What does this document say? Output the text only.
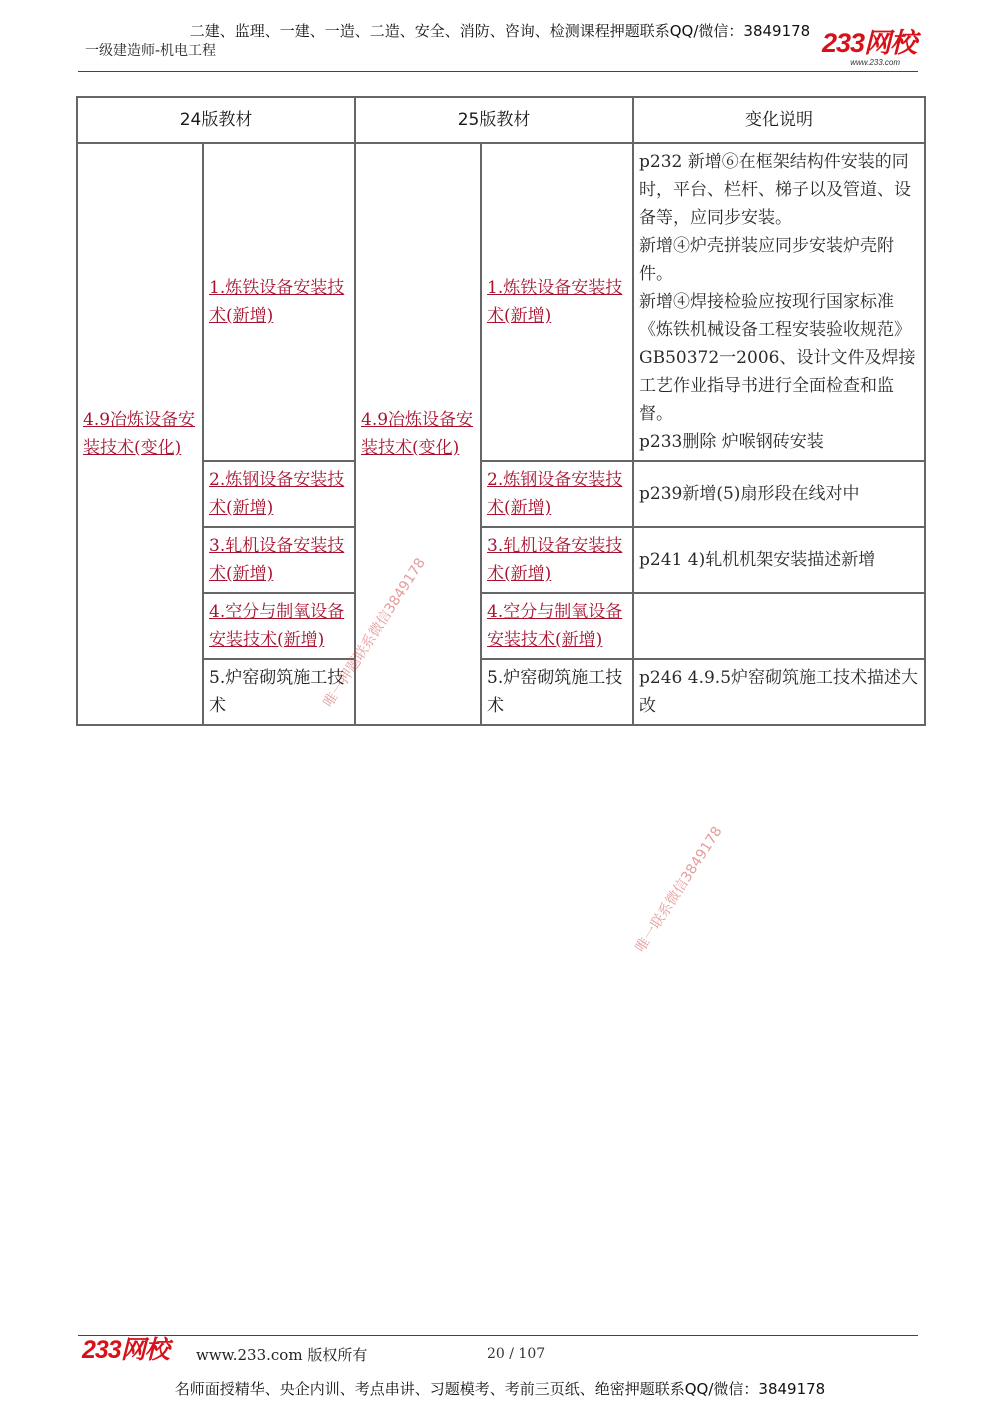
二建、监理、一建、一造、二造、安全、消防、咨询、检测课程押题联系QQ/微信：3849178
一级建造师-机电工程	233网校
www.233.com
24版教材		25版教材		变化说明
4.9冶炼设备安装技术(变化)	1.炼铁设备安装技术(新增)	4.9冶炼设备安装技术(变化)	1.炼铁设备安装技术(新增)	p232 新增⑥在框架结构件安装的同时，平台、栏杆、梯子以及管道、设备等，应同步安装。
新增④炉壳拼装应同步安装炉壳附件。
新增④焊接检验应按现行国家标准《炼铁机械设备工程安装验收规范》GB50372一2006、设计文件及焊接工艺作业指导书进行全面检查和监督。
p233删除 炉喉钢砖安装

	2.炼钢设备安装技术(新增)		2.炼钢设备安装技术(新增)	p239新增(5)扇形段在线对中

	3.轧机设备安装技术(新增)		3.轧机设备安装技术(新增)	p241 4)轧机机架安装描述新增

	4.空分与制氧设备安装技术(新增)		4.空分与制氧设备安装技术(新增)	
	5.炉窑砌筑施工技术		5.炉窑砌筑施工技术	p246 4.9.5炉窑砌筑施工技术描述大改
唯一押题联系微信3849178
唯一联系微信3849178
233网校 www.233.com 版权所有	20 / 107
名师面授精华、央企内训、考点串讲、习题模考、考前三页纸、绝密押题联系QQ/微信：3849178
